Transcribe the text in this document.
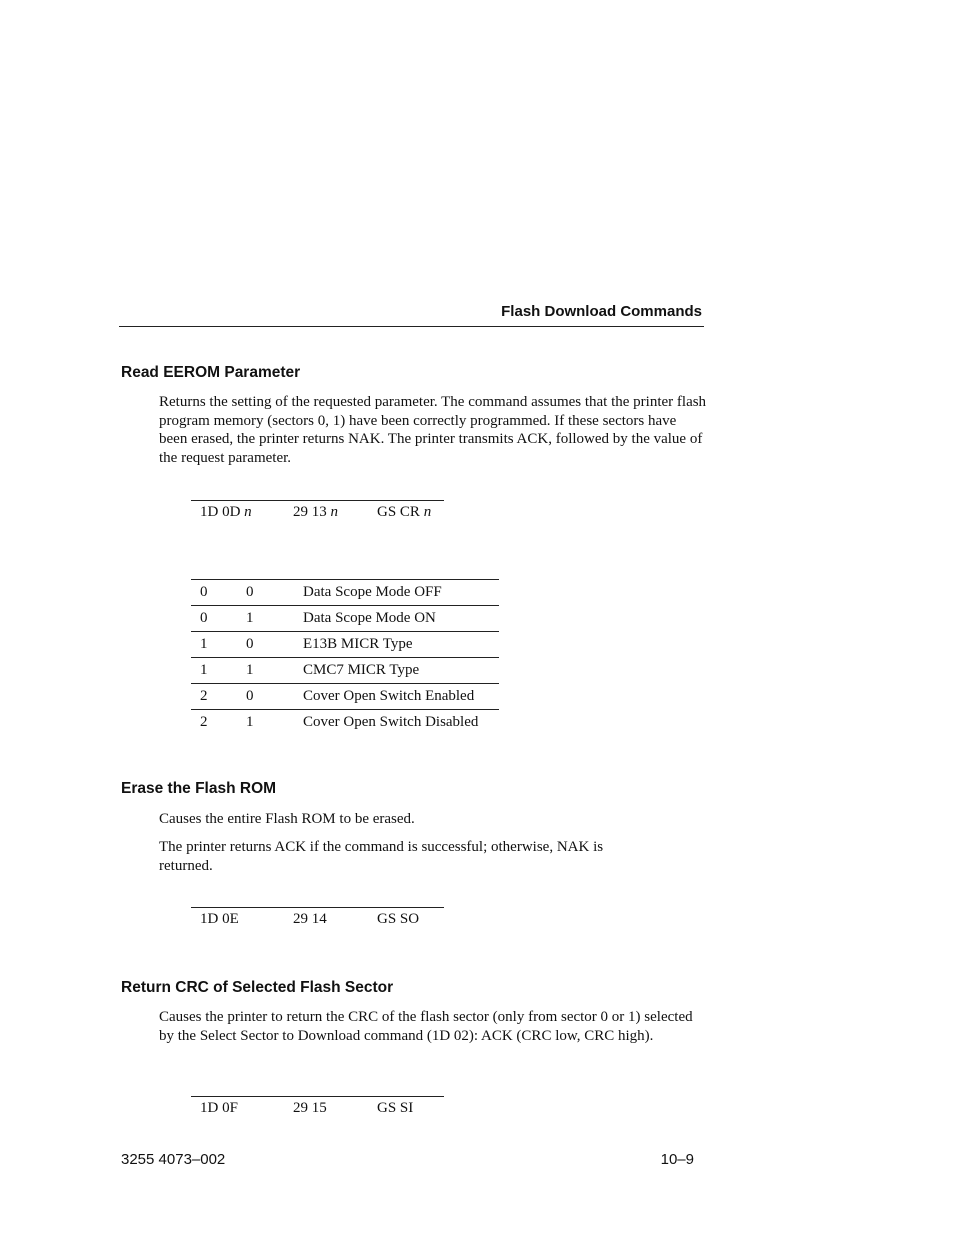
Flash Download Commands
Read EEROM Parameter

Returns the setting of the requested parameter. The command assumes that the printer flash program memory (sectors 0, 1) have been correctly programmed. If these sectors have been erased, the printer returns NAK. The printer transmits ACK, followed by the value of the request parameter.

1D 0D n	29 13 n	GS CR n
0	0	Data Scope Mode OFF
0	1	Data Scope Mode ON
1	0	E13B MICR Type
1	1	CMC7 MICR Type
2	0	Cover Open Switch Enabled
2	1	Cover Open Switch Disabled
Erase the Flash ROM

Causes the entire Flash ROM to be erased.

The printer returns ACK if the command is successful; otherwise, NAK is returned.

1D 0E	29 14	GS SO
Return CRC of Selected Flash Sector

Causes the printer to return the CRC of the flash sector (only from sector 0 or 1) selected by the Select Sector to Download command (1D 02): ACK (CRC low, CRC high).

1D 0F	29 15	GS SI
3255 4073–002	10–9
